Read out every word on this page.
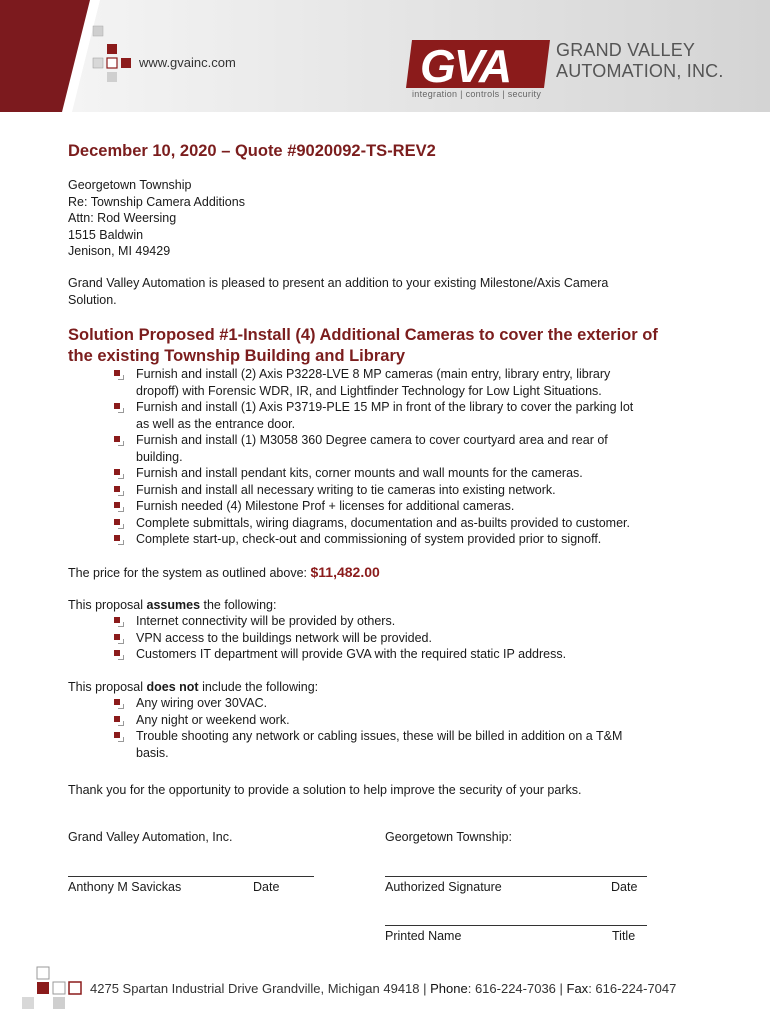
GVA
www.gvainc.com
GRAND VALLEY
AUTOMATION, INC.
integration | controls | security
December 10, 2020 – Quote #9020092-TS-REV2
Georgetown Township
Re: Township Camera Additions
Attn: Rod Weersing
1515 Baldwin
Jenison, MI 49429
Grand Valley Automation is pleased to present an addition to your existing Milestone/Axis Camera
Solution.
Solution Proposed #1-Install (4) Additional Cameras to cover the exterior of
the existing Township Building and Library
Furnish and install (2) Axis P3228-LVE 8 MP cameras (main entry, library entry, library
dropoff) with Forensic WDR, IR, and Lightfinder Technology for Low Light Situations.
Furnish and install (1) Axis P3719-PLE 15 MP in front of the library to cover the parking lot
as well as the entrance door.
Furnish and install (1) M3058 360 Degree camera to cover courtyard area and rear of
building.
Furnish and install pendant kits, corner mounts and wall mounts for the cameras.
Furnish and install all necessary writing to tie cameras into existing network.
Furnish needed (4) Milestone Prof + licenses for additional cameras.
Complete submittals, wiring diagrams, documentation and as-builts provided to customer.
Complete start-up, check-out and commissioning of system provided prior to signoff.
The price for the system as outlined above: $11,482.00
This proposal assumes the following:
Internet connectivity will be provided by others.
VPN access to the buildings network will be provided.
Customers IT department will provide GVA with the required static IP address.
This proposal does not include the following:
Any wiring over 30VAC.
Any night or weekend work.
Trouble shooting any network or cabling issues, these will be billed in addition on a T&M
basis.
Thank you for the opportunity to provide a solution to help improve the security of your parks.
Grand Valley Automation, Inc.	Georgetown Township:
Anthony M Savickas	Date	Authorized Signature	Date
Printed Name	Title
4275 Spartan Industrial Drive Grandville, Michigan 49418 | Phone: 616-224-7036 | Fax: 616-224-7047
